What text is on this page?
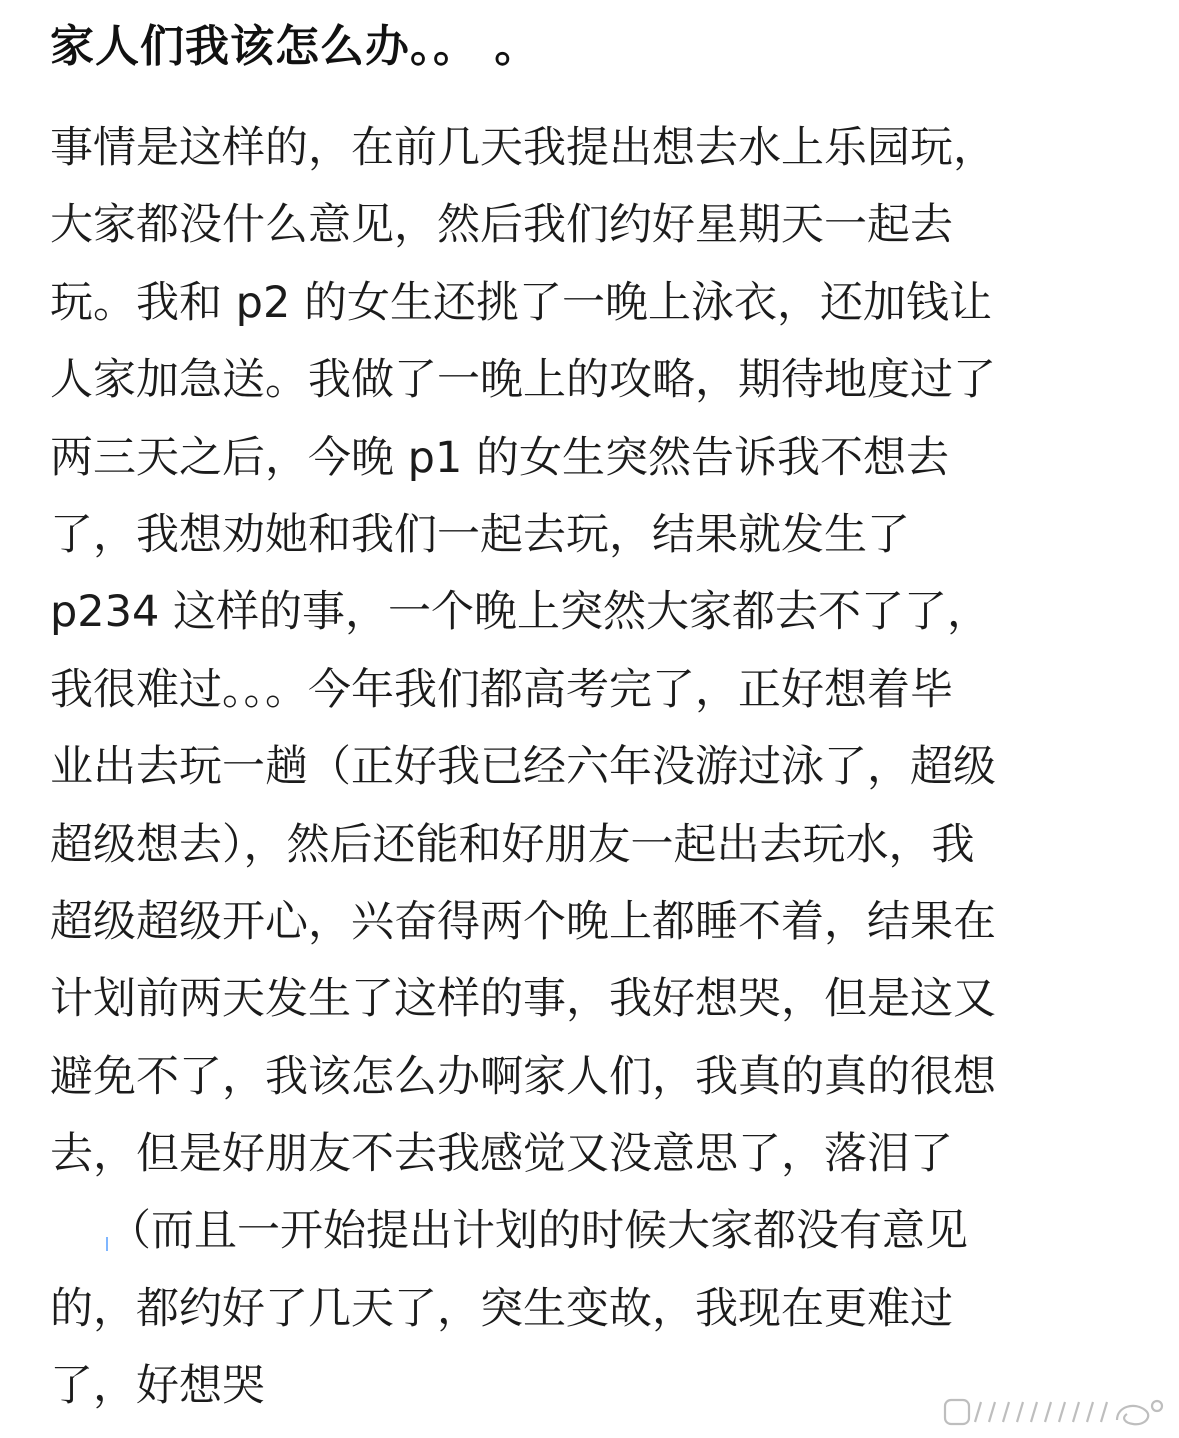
家人们我该怎么办。。 。
事情是这样的，在前几天我提出想去水上乐园玩，
大家都没什么意见，然后我们约好星期天一起去
玩。我和 p2 的女生还挑了一晚上泳衣，还加钱让
人家加急送。我做了一晚上的攻略，期待地度过了
两三天之后，今晚 p1 的女生突然告诉我不想去
了，我想劝她和我们一起去玩，结果就发生了
p234 这样的事，一个晚上突然大家都去不了了，
我很难过。。。今年我们都高考完了，正好想着毕
业出去玩一趟（正好我已经六年没游过泳了，超级
超级想去），然后还能和好朋友一起出去玩水，我
超级超级开心，兴奋得两个晚上都睡不着，结果在
计划前两天发生了这样的事，我好想哭，但是这又
避免不了，我该怎么办啊家人们，我真的真的很想
去，但是好朋友不去我感觉又没意思了，落泪了
（而且一开始提出计划的时候大家都没有意见
的，都约好了几天了，突生变故，我现在更难过
了，好想哭
